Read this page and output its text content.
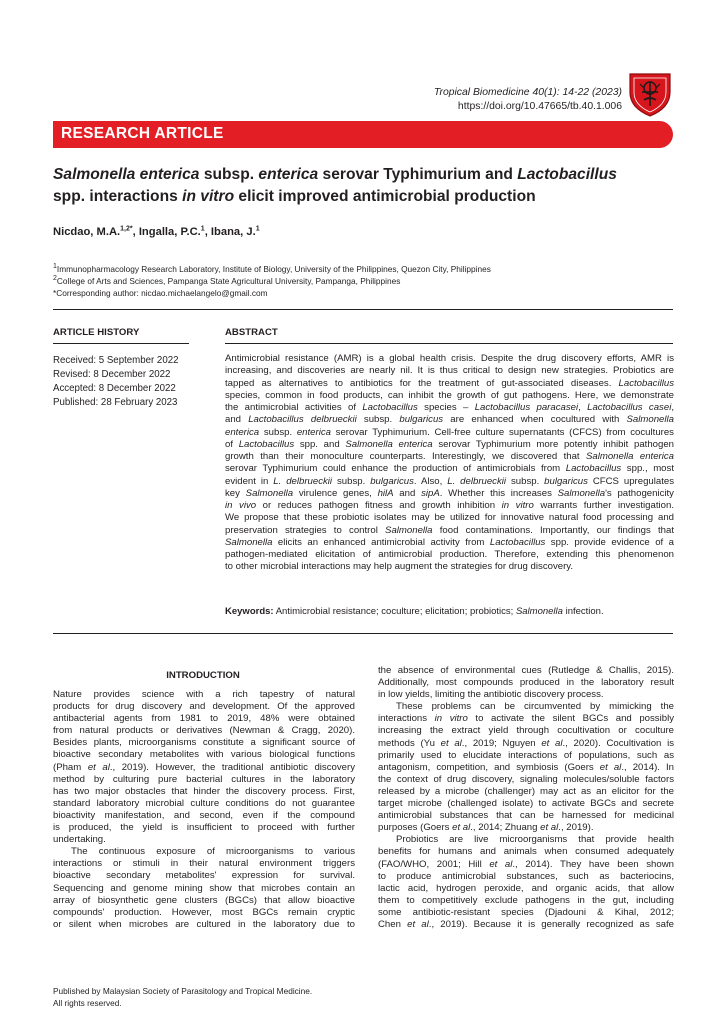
Tropical Biomedicine 40(1): 14-22 (2023)
https://doi.org/10.47665/tb.40.1.006
RESEARCH ARTICLE
Salmonella enterica subsp. enterica serovar Typhimurium and Lactobacillus
spp. interactions in vitro elicit improved antimicrobial production
Nicdao, M.A.$^{1,2*}$, Ingalla, P.C.$^1$, Ibana, J.$^1$
$^1$Immunopharmacology Research Laboratory, Institute of Biology, University of the Philippines, Quezon City, Philippines
$^2$College of Arts and Sciences, Pampanga State Agricultural University, Pampanga, Philippines
*Corresponding author: nicdao.michaelangelo@gmail.com
ARTICLE HISTORY
Received: 5 September 2022
Revised: 8 December 2022
Accepted: 8 December 2022
Published: 28 February 2023
ABSTRACT
Antimicrobial resistance (AMR) is a global health crisis. Despite the drug discovery efforts, AMR is
increasing, and discoveries are nearly nil. It is thus critical to design new strategies. Probiotics are
tapped as alternatives to antibiotics for the treatment of gut-associated diseases. Lactobacillus
species, common in food products, can inhibit the growth of gut pathogens. Here, we demonstrate
the antimicrobial activities of Lactobacillus species – Lactobacillus paracasei, Lactobacillus casei,
and Lactobacillus delbrueckii subsp. bulgaricus are enhanced when cocultured with Salmonella
enterica subsp. enterica serovar Typhimurium. Cell-free culture supernatants (CFCS) from cocultures
of Lactobacillus spp. and Salmonella enterica serovar Typhimurium more potently inhibit pathogen
growth than their monoculture counterparts. Interestingly, we discovered that Salmonella enterica
serovar Typhimurium could enhance the production of antimicrobials from Lactobacillus spp., most
evident in L. delbrueckii subsp. bulgaricus. Also, L. delbrueckii subsp. bulgaricus CFCS upregulates
key Salmonella virulence genes, hilA and sipA. Whether this increases Salmonella's pathogenicity
in vivo or reduces pathogen fitness and growth inhibition in vitro warrants further investigation.
We propose that these probiotic isolates may be utilized for innovative natural food processing and
preservation strategies to control Salmonella food contaminations. Importantly, our findings that
Salmonella elicits an enhanced antimicrobial activity from Lactobacillus spp. provide evidence of a
pathogen-mediated elicitation of antimicrobial production. Therefore, extending this phenomenon
to other microbial interactions may help augment the strategies for drug discovery.
Keywords: Antimicrobial resistance; coculture; elicitation; probiotics; Salmonella infection.
INTRODUCTION
Nature provides science with a rich tapestry of natural
products for drug discovery and development. Of the approved
antibacterial agents from 1981 to 2019, 48% were obtained
from natural products or derivatives (Newman & Cragg, 2020).
Besides plants, microorganisms constitute a significant source of
bioactive secondary metabolites with various biological functions
(Pham et al., 2019). However, the traditional antibiotic discovery
method by culturing pure bacterial cultures in the laboratory
has two major obstacles that hinder the discovery process. First,
standard laboratory microbial culture conditions do not guarantee
bioactivity manifestation, and second, even if the compound
is produced, the yield is insufficient to proceed with further
undertaking.
The continuous exposure of microorganisms to various
interactions or stimuli in their natural environment triggers
bioactive secondary metabolites' expression for survival.
Sequencing and genome mining show that microbes contain an
array of biosynthetic gene clusters (BGCs) that allow bioactive
compounds' production. However, most BGCs remain cryptic
or silent when microbes are cultured in the laboratory due to
the absence of environmental cues (Rutledge & Challis, 2015).
Additionally, most compounds produced in the laboratory result
in low yields, limiting the antibiotic discovery process.
These problems can be circumvented by mimicking the
interactions in vitro to activate the silent BGCs and possibly
increasing the extract yield through cocultivation or coculture
methods (Yu et al., 2019; Nguyen et al., 2020). Cocultivation is
primarily used to elucidate interactions of populations, such as
antagonism, competition, and symbiosis (Goers et al., 2014). In
the context of drug discovery, signaling molecules/soluble factors
released by a microbe (challenger) may act as an elicitor for the
target microbe (challenged isolate) to activate BGCs and secrete
antimicrobial substances that can be harnessed for medicinal
purposes (Goers et al., 2014; Zhuang et al., 2019).
Probiotics are live microorganisms that provide health
benefits for humans and animals when consumed adequately
(FAO/WHO, 2001; Hill et al., 2014). They have been shown
to produce antimicrobial substances, such as bacteriocins,
lactic acid, hydrogen peroxide, and organic acids, that allow
them to competitively exclude pathogens in the gut, including
some antibiotic-resistant species (Djadouni & Kihal, 2012;
Chen et al., 2019). Because it is generally recognized as safe
Published by Malaysian Society of Parasitology and Tropical Medicine.
All rights reserved.
